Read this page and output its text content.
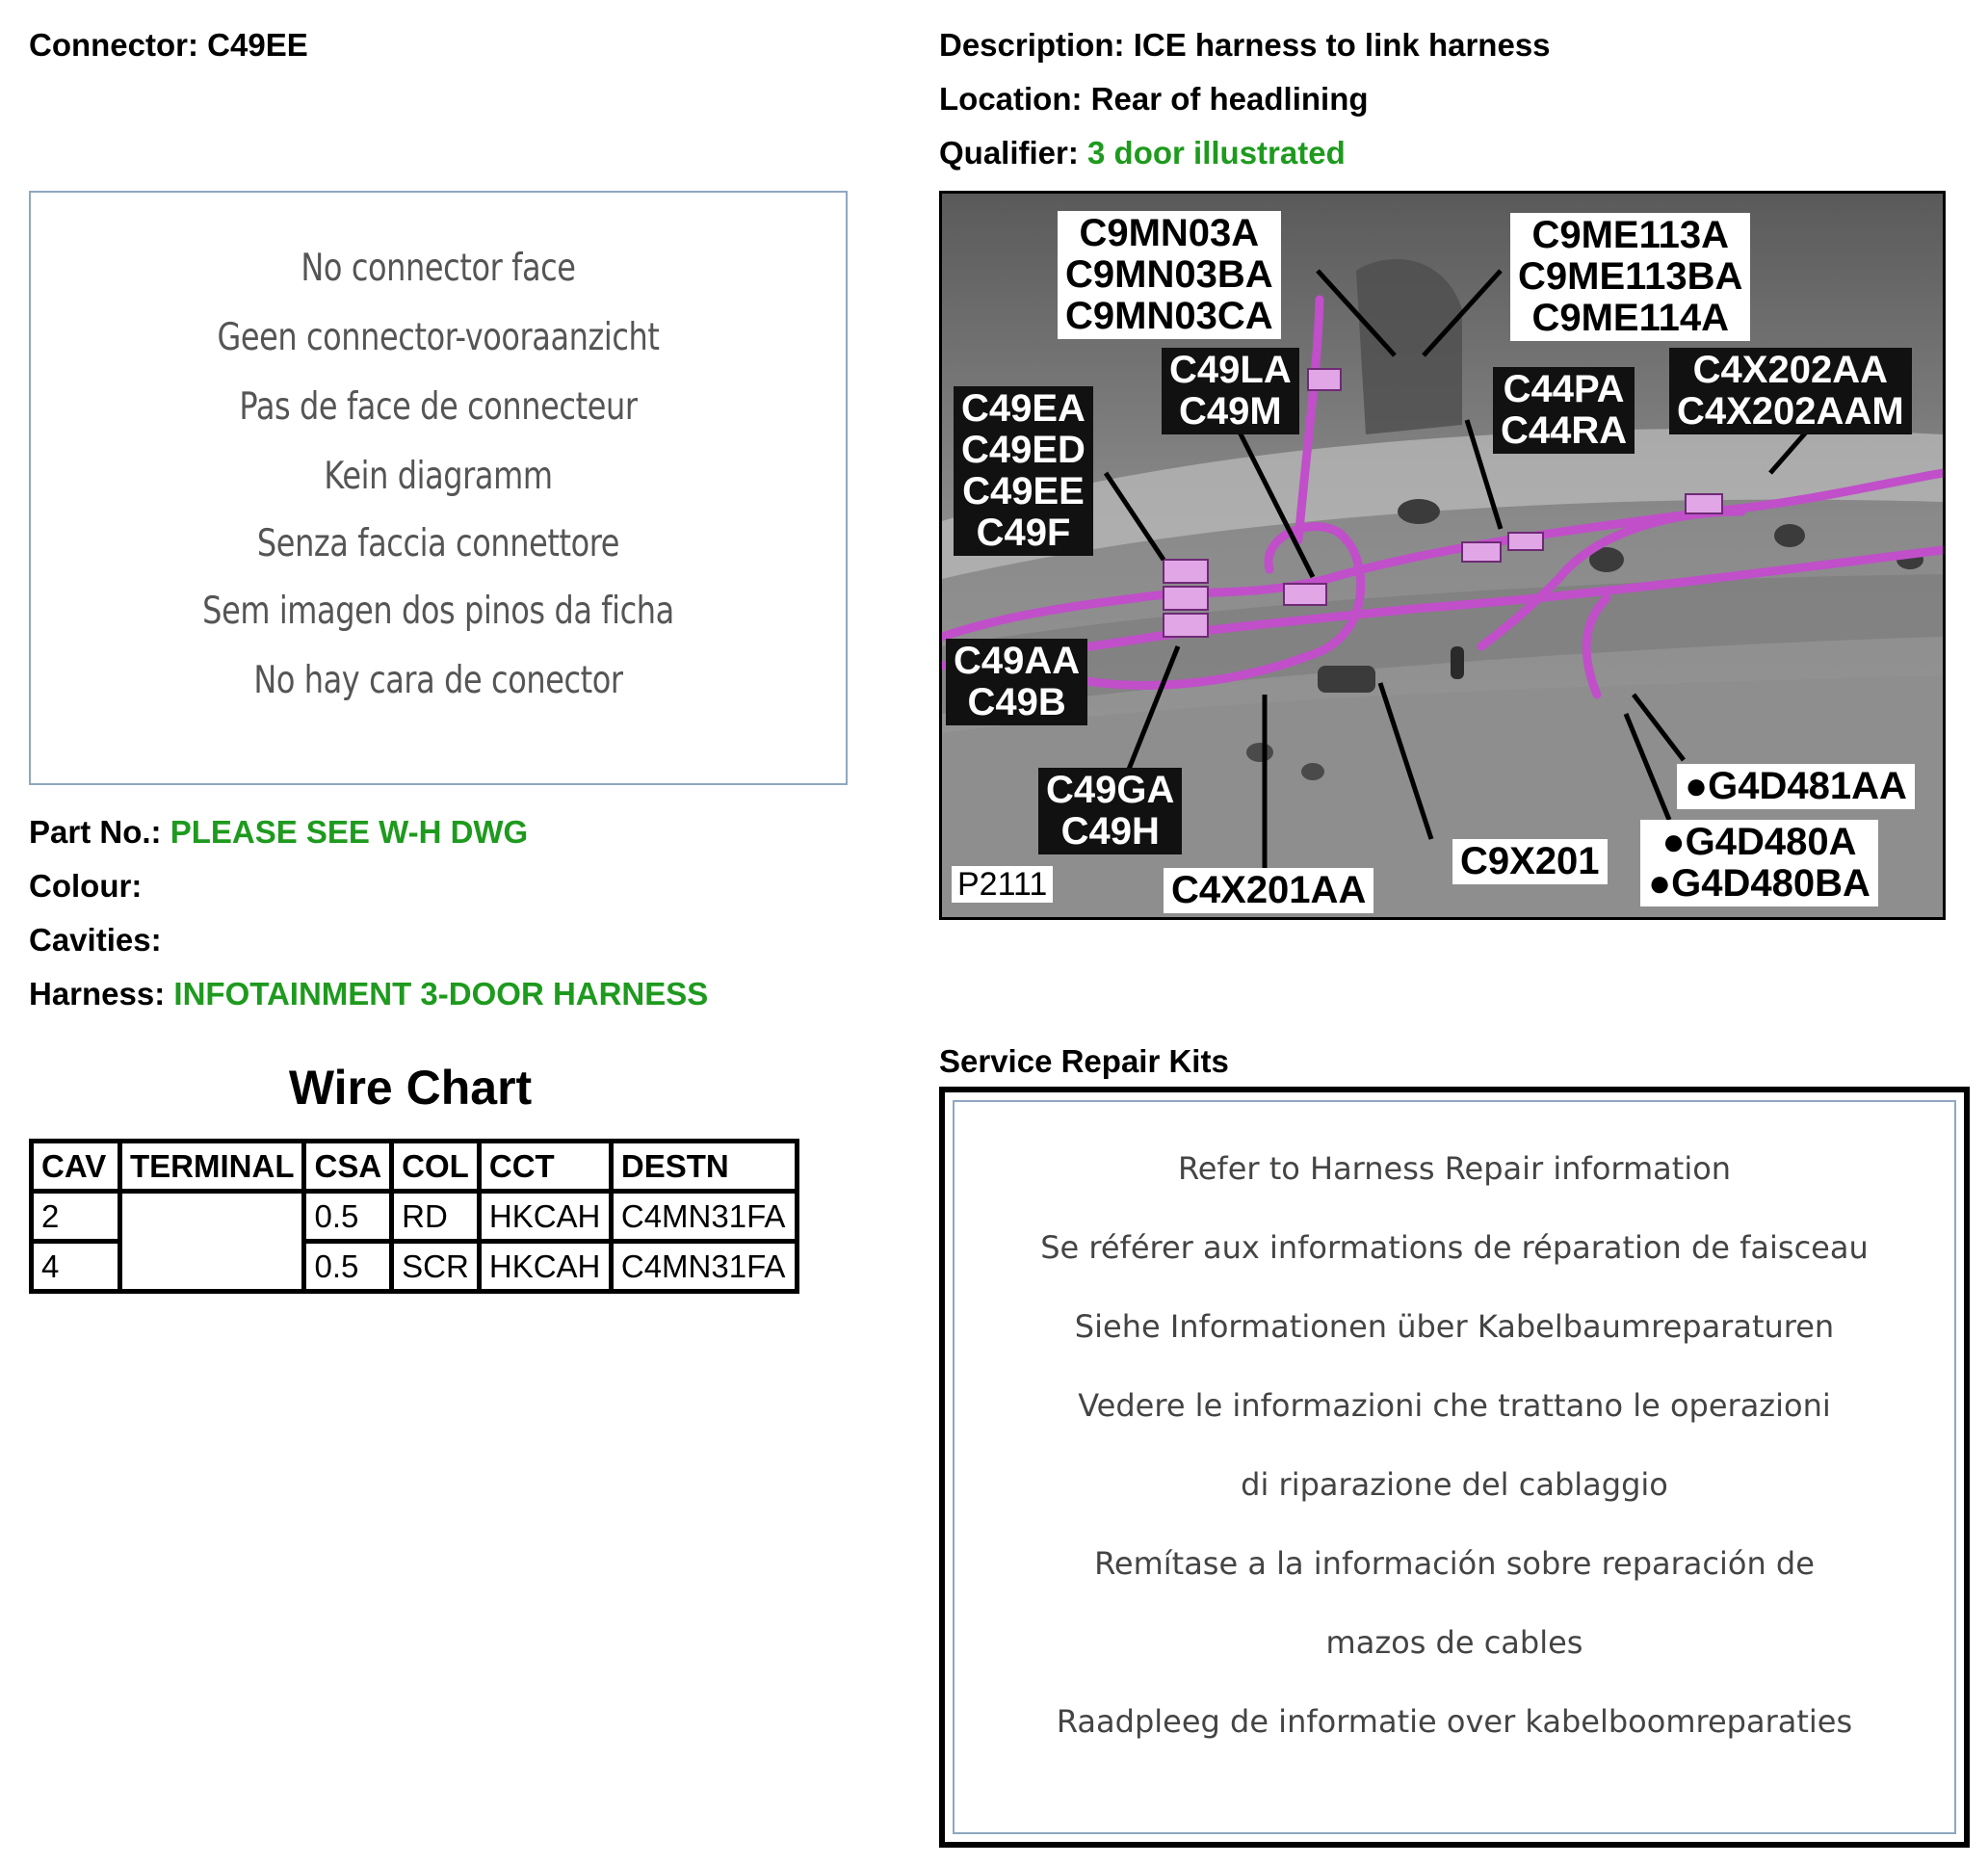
Connector: C49EE	Description: ICE harness to link harness
Location: Rear of headlining
Qualifier: 3 door illustrated
No connector face
Geen connector-vooraanzicht
Pas de face de connecteur
Kein diagramm
Senza faccia connettore
Sem imagen dos pinos da ficha
No hay cara de conector
Part No.: PLEASE SEE W-H DWG
Colour:
Cavities:
Harness: INFOTAINMENT 3-DOOR HARNESS
Wire Chart
CAV	TERMINAL	CSA	COL	CCT	DESTN
2		0.5	RD	HKCAH	C4MN31FA
4		0.5	SCR	HKCAH	C4MN31FA
C9MN03A
C9MN03BA
C9MN03CA
C9ME113A
C9ME113BA
C9ME114A
C49LA
C49M
C44PA
C44RA
C4X202AA
C4X202AAM
C49EA
C49ED
C49EE
C49F
C49AA
C49B
C49GA
C49H
P2111	C4X201AA
C9X201
●G4D481AA
●G4D480A
●G4D480BA
Service Repair Kits
Refer to Harness Repair information
Se référer aux informations de réparation de faisceau
Siehe Informationen über Kabelbaumreparaturen
Vedere le informazioni che trattano le operazioni
di riparazione del cablaggio
Remítase a la información sobre reparación de
mazos de cables
Raadpleeg de informatie over kabelboomreparaties
